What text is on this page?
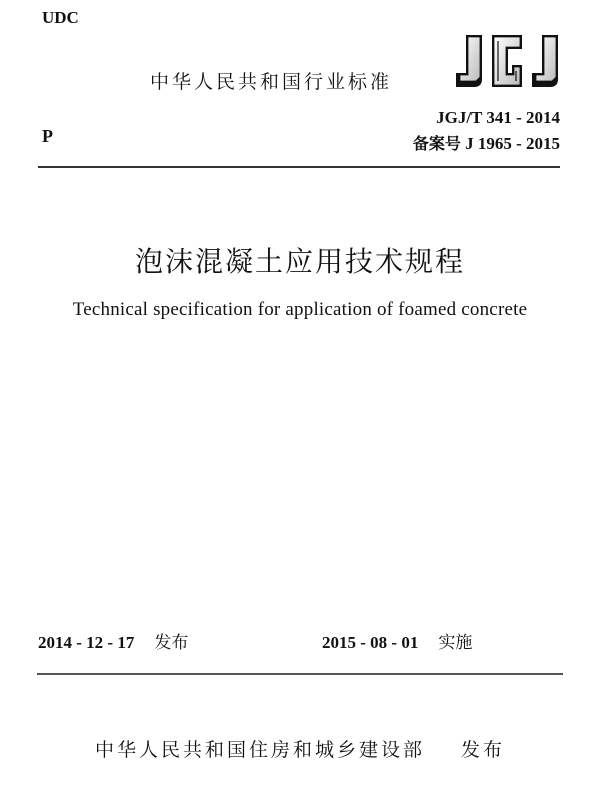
UDC
中华人民共和国行业标准
JGJ/T 341 - 2014
备案号 J 1965 - 2015
P
泡沫混凝土应用技术规程
Technical specification for application of foamed concrete
2014 - 12 - 17 发布	2015 - 08 - 01 实施
中华人民共和国住房和城乡建设部 发布
